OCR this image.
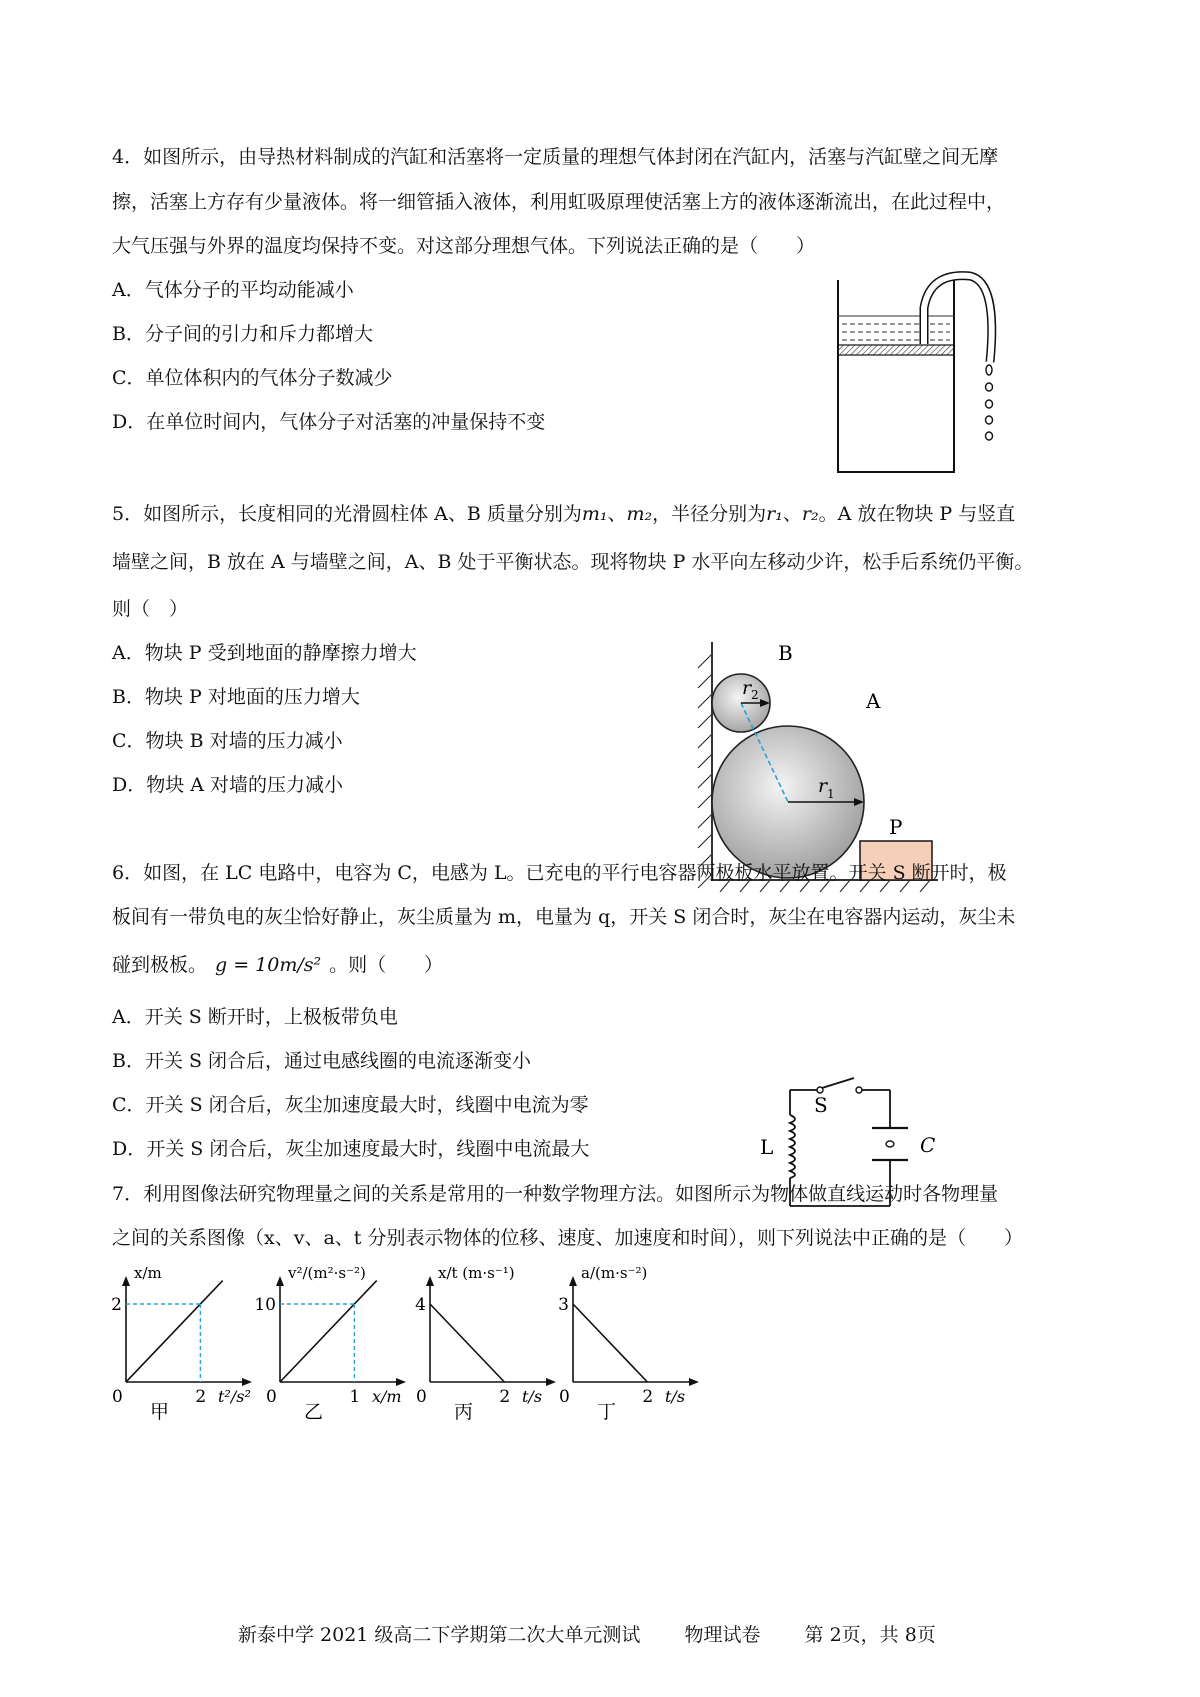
4．如图所示，由导热材料制成的汽缸和活塞将一定质量的理想气体封闭在汽缸内，活塞与汽缸壁之间无摩
擦，活塞上方存有少量液体。将一细管插入液体，利用虹吸原理使活塞上方的液体逐渐流出，在此过程中，
大气压强与外界的温度均保持不变。对这部分理想气体。下列说法正确的是（　　）
A．气体分子的平均动能减小
B．分子间的引力和斥力都增大
C．单位体积内的气体分子数减少
D．在单位时间内，气体分子对活塞的冲量保持不变
5．如图所示，长度相同的光滑圆柱体 A、B 质量分别为m₁、m₂，半径分别为r₁、r₂。A 放在物块 P 与竖直
墙壁之间，B 放在 A 与墙壁之间，A、B 处于平衡状态。现将物块 P 水平向左移动少许，松手后系统仍平衡。
则（　）
A．物块 P 受到地面的静摩擦力增大
B．物块 P 对地面的压力增大
C．物块 B 对墙的压力减小
D．物块 A 对墙的压力减小
B
A
P
r 1
r 2
6．如图，在 LC 电路中，电容为 C，电感为 L。已充电的平行电容器两极板水平放置。开关 S 断开时，极
板间有一带负电的灰尘恰好静止，灰尘质量为 m，电量为 q，开关 S 闭合时，灰尘在电容器内运动，灰尘未
碰到极板。 g = 10m/s² 。则（　　）
A．开关 S 断开时，上极板带负电
B．开关 S 闭合后，通过电感线圈的电流逐渐变小
C．开关 S 闭合后，灰尘加速度最大时，线圈中电流为零
D．开关 S 闭合后，灰尘加速度最大时，线圈中电流最大
S
L	C
7．利用图像法研究物理量之间的关系是常用的一种数学物理方法。如图所示为物体做直线运动时各物理量
之间的关系图像（x、v、a、t 分别表示物体的位移、速度、加速度和时间），则下列说法中正确的是（　　）
2
2
0	t²/s²
x/m
甲
1
10
0	x/m
v²/(m²·s⁻²)
乙
2
4
0	t/s
x/t (m·s⁻¹)
丙
2
3
0	t/s
a/(m·s⁻²)
丁
新泰中学 2021 级高二下学期第二次大单元测试 物理试卷 第 2页，共 8页
